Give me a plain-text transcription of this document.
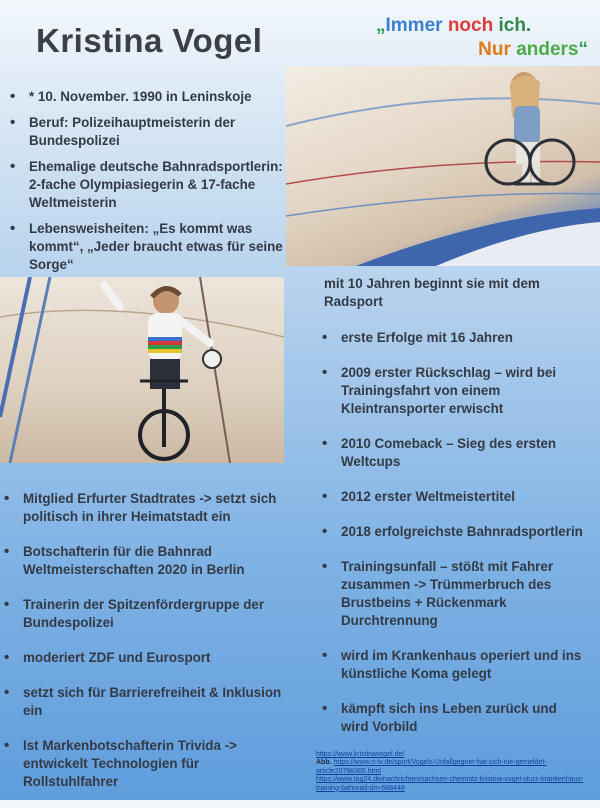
Kristina Vogel	„Immer noch ich.
Nur anders“
• * 10. November. 1990 in Leninskoje
• Beruf: Polizeihauptmeisterin der Bundespolizei
• Ehemalige deutsche Bahnradsportlerin: 2-fache Olympiasiegerin & 17-fache Weltmeisterin
• Lebensweisheiten: „Es kommt was kommt“, „Jeder braucht etwas für seine Sorge“
mit 10 Jahren beginnt sie mit dem Radsport
• erste Erfolge mit 16 Jahren
• 2009 erster Rückschlag – wird bei Trainingsfahrt von einem Kleintransporter erwischt
• 2010 Comeback – Sieg des ersten Weltcups
• 2012 erster Weltmeistertitel
• 2018 erfolgreichste Bahnradsportlerin
• Trainingsunfall – stößt mit Fahrer zusammen -> Trümmerbruch des Brustbeins + Rückenmark Durchtrennung
• wird im Krankenhaus operiert und ins künstliche Koma gelegt
• kämpft sich ins Leben zurück und wird Vorbild
• Mitglied Erfurter Stadtrates -> setzt sich politisch in ihrer Heimatstadt ein
• Botschafterin für die Bahnrad Weltmeisterschaften 2020 in Berlin
• Trainerin der Spitzenfördergruppe der Bundespolizei
• moderiert ZDF und Eurosport
• setzt sich für Barrierefreiheit & Inklusion ein
• Ist Markenbotschafterin Trivida -> entwickelt Technologien für Rollstuhlfahrer
https://www.kristinavogel.de/
Abb. https://www.n-tv.de/sport/Vogels-Unfallgegner-hat-sich-nie-gemeldet-article20798365.html
https://www.tag24.de/nachrichten/sachsen-chemnitz-kristina-vogel-sturz-krankenhaus-training-bahnrad-dm-688448
